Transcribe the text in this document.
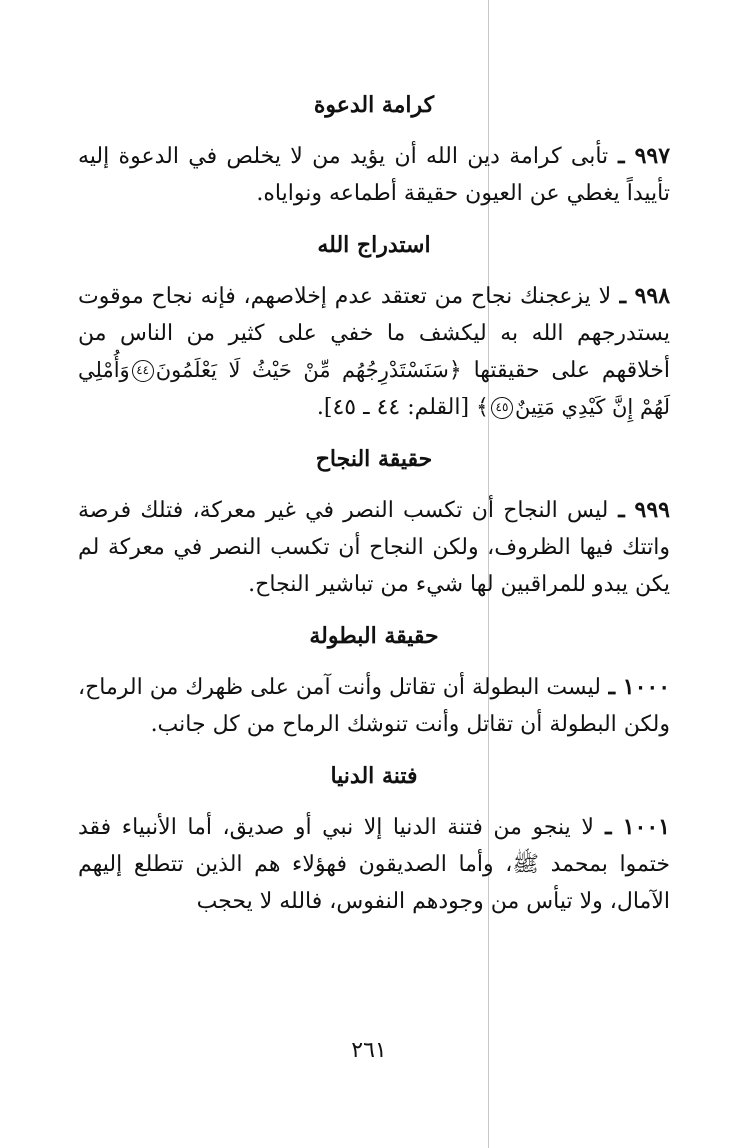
كرامة الدعوة

٩٩٧ ـ تأبى كرامة دين الله أن يؤيد من لا يخلص في الدعوة إليه تأييداً يغطي عن العيون حقيقة أطماعه ونواياه.

استدراج الله

٩٩٨ ـ لا يزعجنك نجاح من تعتقد عدم إخلاصهم، فإنه نجاح موقوت يستدرجهم الله به ليكشف ما خفي على كثير من الناس من أخلاقهم على حقيقتها ﴿سَنَسْتَدْرِجُهُم مِّنْ حَيْثُ لَا يَعْلَمُونَ٤٤وَأُمْلِي لَهُمْ إِنَّ كَيْدِي مَتِينٌ٤٥﴾ [القلم: ٤٤ ـ ٤٥].

حقيقة النجاح

٩٩٩ ـ ليس النجاح أن تكسب النصر في غير معركة، فتلك فرصة واتتك فيها الظروف، ولكن النجاح أن تكسب النصر في معركة لم يكن يبدو للمراقبين لها شيء من تباشير النجاح.

حقيقة البطولة

١٠٠٠ ـ ليست البطولة أن تقاتل وأنت آمن على ظهرك من الرماح، ولكن البطولة أن تقاتل وأنت تنوشك الرماح من كل جانب.

فتنة الدنيا

١٠٠١ ـ لا ينجو من فتنة الدنيا إلا نبي أو صديق، أما الأنبياء فقد ختموا بمحمد ﷺ، وأما الصديقون فهؤلاء هم الذين تتطلع إليهم الآمال، ولا تيأس من وجودهم النفوس، فالله لا يحجب

٢٦١
